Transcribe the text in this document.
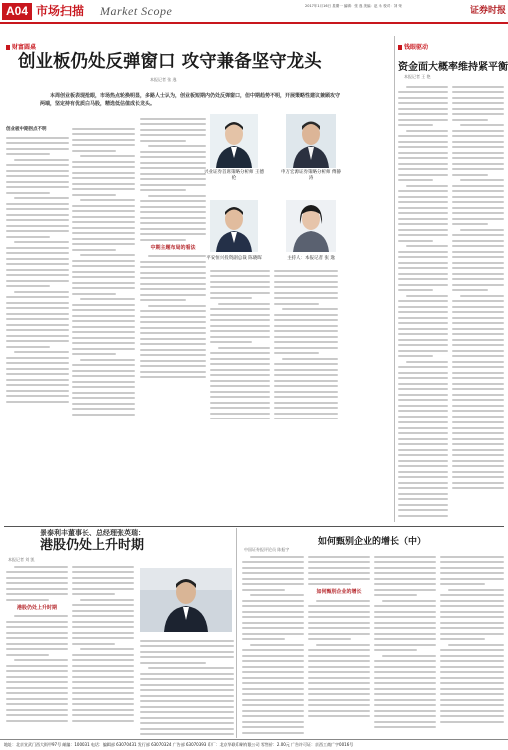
A04 市场扫描 Market Scope	2017年1月16日 星期一 编辑：张 逸 美编：赵 永 校对：刘 荣	证券时报
财富圆桌
创业板仍处反弹窗口 攻守兼备坚守龙头
本报记者 张 逸
本周创业板表现抢眼，市场热点轮换明显，多路人士认为，创业板短期内仍处反弹窗口，但中期趋势不明，开展策略性建议兼顾攻守两端，坚定持有优质白马股，精选低估值成长龙头。
创业板中期拐点不明
中期主题布局的看法
兴业证券首席策略分析师 王德伦
申万宏源证券策略分析师 傅静涛
平安恒兴投资副总裁 陈晓晖	主持人：本报记者 张 逸
钱眼驱动
资金面大概率维持紧平衡
本报记者 王 艳
景泰利丰董事长、总经理张英瑞：
港股仍处上升时期
本报记者 刘 凯
港股仍处上升时期
如何甄别企业的增长（中）
中国证券报评论员 陈振宇
如何甄别企业的增长
地址：北京宣武门西大街甲97号 邮编：100031 电话：编辑部 63070431 发行部 63070324 广告部 63070393 印厂：北京华联印刷有限公司 零售价：2.00元 广告许可证：京西工商广字0016号
